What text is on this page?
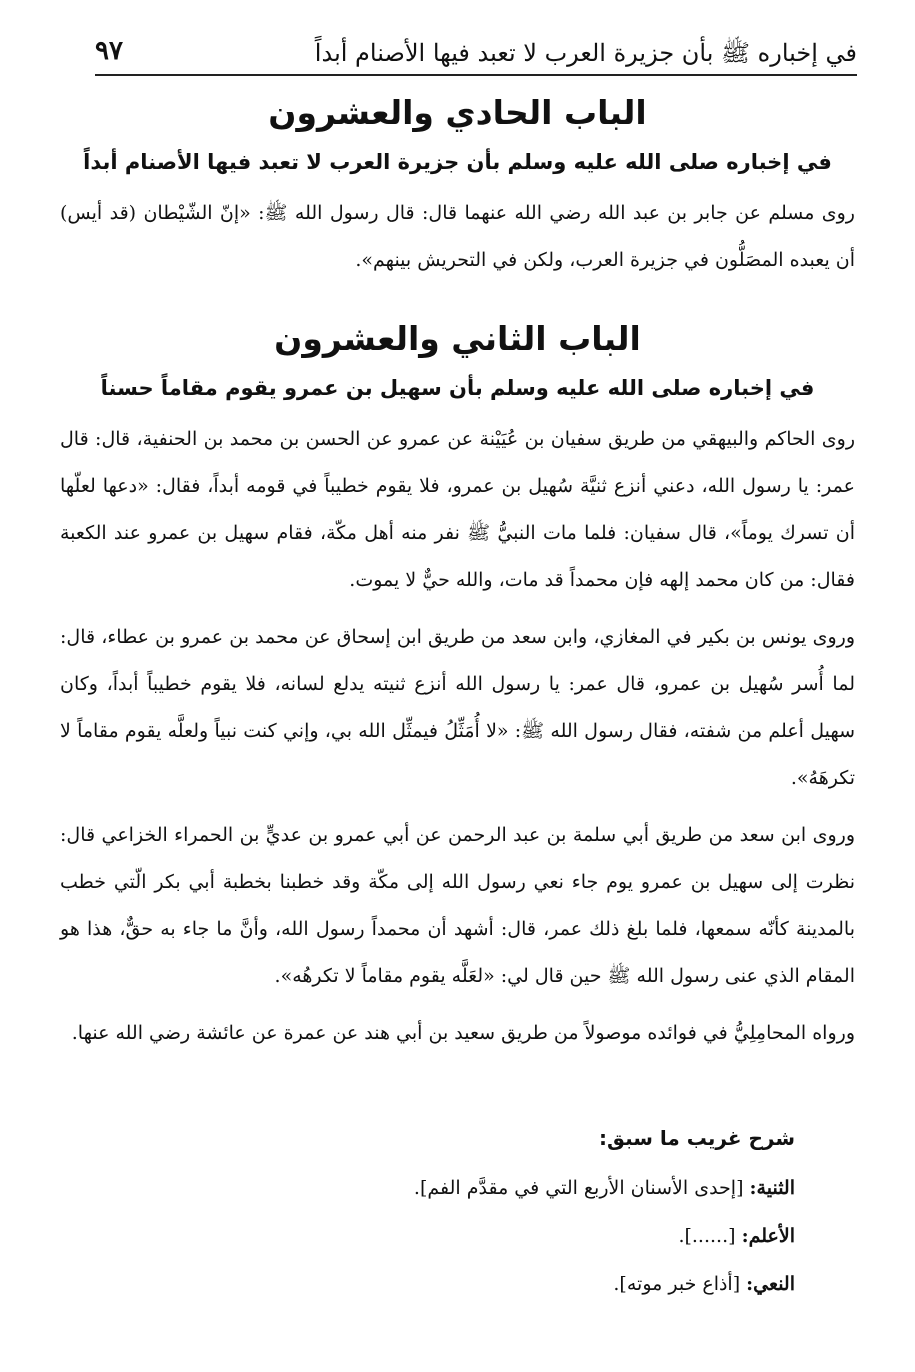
في إخباره ﷺ بأن جزيرة العرب لا تعبد فيها الأصنام أبداً
٩٧
الباب الحادي والعشرون
في إخباره صلى الله عليه وسلم بأن جزيرة العرب لا تعبد فيها الأصنام أبداً

روى مسلم عن جابر بن عبد الله رضي الله عنهما قال: قال رسول الله ﷺ: «إنّ الشّيْطان (قد أيس) أن يعبده المصَلُّون في جزيرة العرب، ولكن في التحريش بينهم».

الباب الثاني والعشرون
في إخباره صلى الله عليه وسلم بأن سهيل بن عمرو يقوم مقاماً حسناً

روى الحاكم والبيهقي من طريق سفيان بن عُيَيْنة عن عمرو عن الحسن بن محمد بن الحنفية، قال: قال عمر: يا رسول الله، دعني أنزع ثنيَّة سُهيل بن عمرو، فلا يقوم خطيباً في قومه أبداً، فقال: «دعها لعلّها أن تسرك يوماً»، قال سفيان: فلما مات النبيُّ ﷺ نفر منه أهل مكّة، فقام سهيل بن عمرو عند الكعبة فقال: من كان محمد إلهه فإن محمداً قد مات، والله حيٌّ لا يموت.

وروى يونس بن بكير في المغازي، وابن سعد من طريق ابن إسحاق عن محمد بن عمرو بن عطاء، قال: لما أُسر سُهيل بن عمرو، قال عمر: يا رسول الله أنزع ثنيته يدلع لسانه، فلا يقوم خطيباً أبداً، وكان سهيل أعلم من شفته، فقال رسول الله ﷺ: «لا أُمَثِّلُ فيمثِّل الله بي، وإني كنت نبياً ولعلَّه يقوم مقاماً لا تكرهَهُ».

وروى ابن سعد من طريق أبي سلمة بن عبد الرحمن عن أبي عمرو بن عديٍّ بن الحمراء الخزاعي قال: نظرت إلى سهيل بن عمرو يوم جاء نعي رسول الله إلى مكّة وقد خطبنا بخطبة أبي بكر الّتي خطب بالمدينة كأنّه سمعها، فلما بلغ ذلك عمر، قال: أشهد أن محمداً رسول الله، وأنَّ ما جاء به حقٌّ، هذا هو المقام الذي عنى رسول الله ﷺ حين قال لي: «لعَلَّه يقوم مقاماً لا تكرهُه».

ورواه المحامِلِيُّ في فوائده موصولاً من طريق سعيد بن أبي هند عن عمرة عن عائشة رضي الله عنها.

شرح غريب ما سبق:
الثنية: [إحدى الأسنان الأربع التي في مقدَّم الفم].
الأعلم: [......].
النعي: [أذاع خبر موته].
